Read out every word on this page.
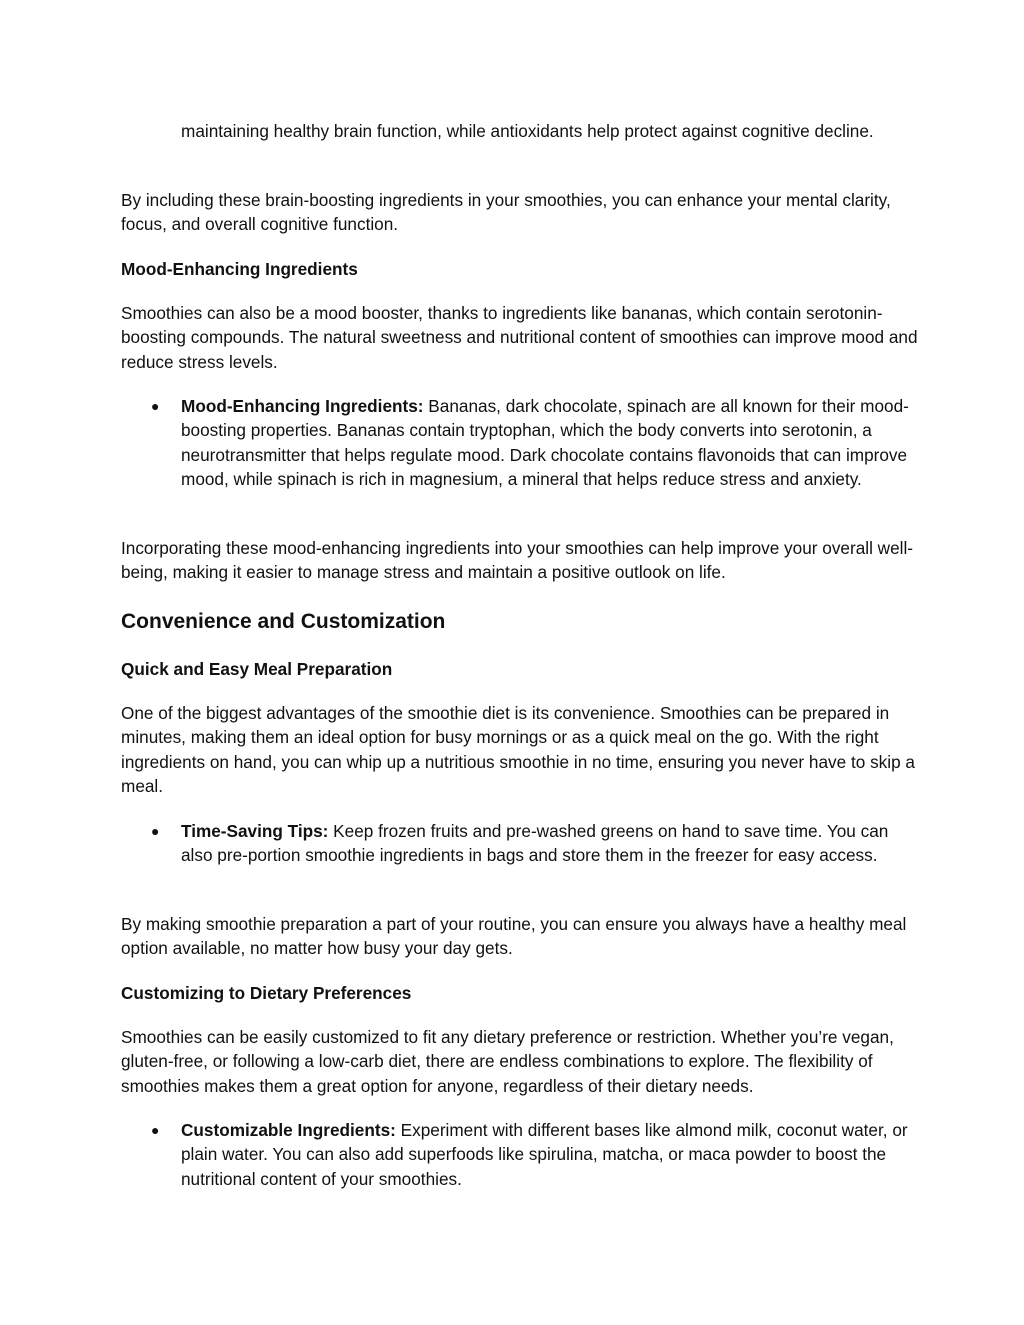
maintaining healthy brain function, while antioxidants help protect against cognitive decline.

By including these brain-boosting ingredients in your smoothies, you can enhance your mental clarity, focus, and overall cognitive function.

Mood-Enhancing Ingredients

Smoothies can also be a mood booster, thanks to ingredients like bananas, which contain serotonin-boosting compounds. The natural sweetness and nutritional content of smoothies can improve mood and reduce stress levels.

● Mood-Enhancing Ingredients: Bananas, dark chocolate, spinach are all known for their mood-boosting properties. Bananas contain tryptophan, which the body converts into serotonin, a neurotransmitter that helps regulate mood. Dark chocolate contains flavonoids that can improve mood, while spinach is rich in magnesium, a mineral that helps reduce stress and anxiety.

Incorporating these mood-enhancing ingredients into your smoothies can help improve your overall well-being, making it easier to manage stress and maintain a positive outlook on life.

Convenience and Customization

Quick and Easy Meal Preparation

One of the biggest advantages of the smoothie diet is its convenience. Smoothies can be prepared in minutes, making them an ideal option for busy mornings or as a quick meal on the go. With the right ingredients on hand, you can whip up a nutritious smoothie in no time, ensuring you never have to skip a meal.

● Time-Saving Tips: Keep frozen fruits and pre-washed greens on hand to save time. You can also pre-portion smoothie ingredients in bags and store them in the freezer for easy access.

By making smoothie preparation a part of your routine, you can ensure you always have a healthy meal option available, no matter how busy your day gets.

Customizing to Dietary Preferences

Smoothies can be easily customized to fit any dietary preference or restriction. Whether you’re vegan, gluten-free, or following a low-carb diet, there are endless combinations to explore. The flexibility of smoothies makes them a great option for anyone, regardless of their dietary needs.

● Customizable Ingredients: Experiment with different bases like almond milk, coconut water, or plain water. You can also add superfoods like spirulina, matcha, or maca powder to boost the nutritional content of your smoothies.
